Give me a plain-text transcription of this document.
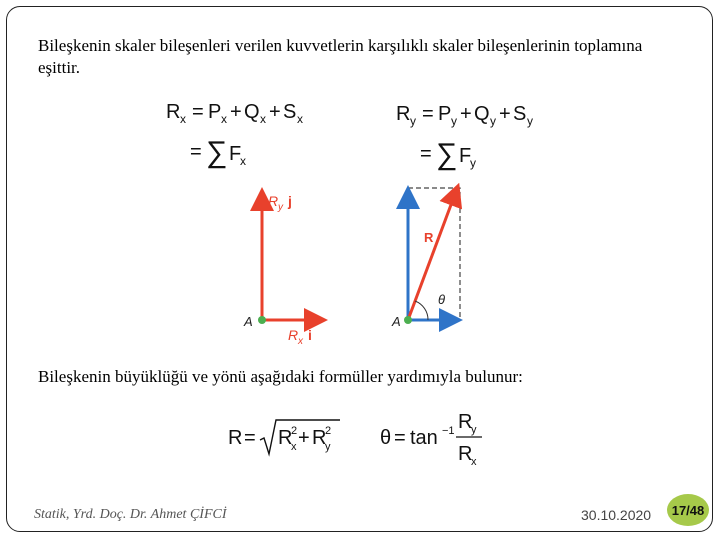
Bileşkenin skaler bileşenleri verilen kuvvetlerin karşılıklı skaler bileşenlerinin toplamına eşittir.

R x = P x + Q x + S x
= ∑ F
x
R y = P y + Q y + S y
= ∑ F
y
A
R y j
R x i
A
R
θ

Bileşkenin büyüklüğü ve yönü aşağıdaki formüller yardımıyla bulunur:

R = R
2
x + R
2
y θ = tan −1 R
y
R
x
Statik, Yrd. Doç. Dr. Ahmet ÇİFCİ	30.10.2020	17/48
